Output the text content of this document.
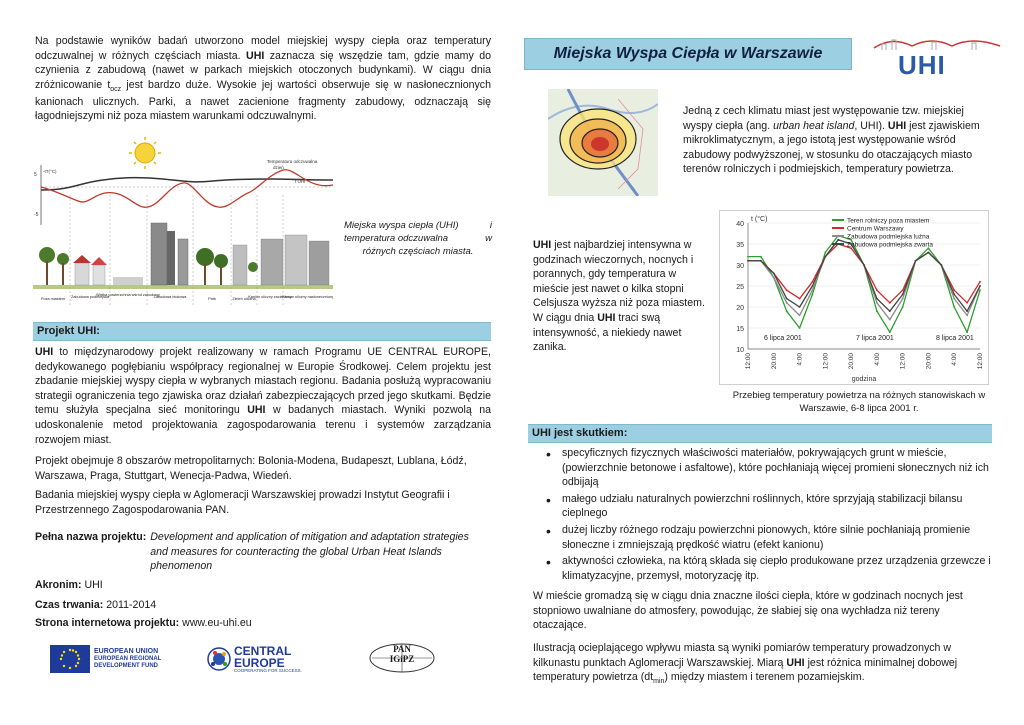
Na podstawie wyników badań utworzono model miejskiej wyspy ciepła oraz temperatury odczuwalnej w różnych częściach miasta. UHI zaznacza się wszędzie tam, gdzie mamy do czynienia z zabudową (nawet w parkach miejskich otoczonych budynkami). W ciągu dnia zróżnicowanie $t_{ocz}$ jest bardzo duże. Wysokie jej wartości obserwuje się w nasłonecznionych kanionach ulicznych. Parki, a nawet zacienione fragmenty zabudowy, odznaczają się łagodniejszymi niż poza miastem warunkami odczuwalnymi.
5
-5
-tT(°C)
Temperatura odczuwalna
dzień
t UHI
Poza miastem Zabudowa podmiejska
Wielka powierzchnia wśród zabudowy
Zabudowa blokowa	Park	Zieleń uliczna
Kanion uliczny zacieniony
Kanion uliczny nasłoneczniony
Miejska wyspa ciepła (UHI)	i
temperatura odczuwalna	w
różnych częściach miasta.
Projekt UHI:
UHI to międzynarodowy projekt realizowany w ramach Programu UE CENTRAL EUROPE, dedykowanego pogłębianiu współpracy regionalnej w Europie Środkowej. Celem projektu jest zbadanie miejskiej wyspy ciepła w wybranych miastach regionu. Badania posłużą wypracowaniu strategii ograniczenia tego zjawiska oraz działań zabezpieczających przed jego skutkami. Będzie temu służyła specjalna sieć monitoringu UHI w badanych miastach. Wyniki pozwolą na udoskonalenie metod projektowania zagospodarowania terenu i systemów zarządzania rozwojem miast.
Projekt obejmuje 8 obszarów metropolitarnych: Bolonia-Modena, Budapeszt, Lublana, Łódź, Warszawa, Praga, Stuttgart, Wenecja-Padwa, Wiedeń.
Badania miejskiej wyspy ciepła w Aglomeracji Warszawskiej prowadzi Instytut Geografii i Przestrzennego Zagospodarowania PAN.
Pełna nazwa projektu: Development and application of mitigation and adaptation strategies and measures for counteracting the global Urban Heat Islands phenomenon
Akronim: UHI
Czas trwania: 2011-2014
Strona internetowa projektu: www.eu-uhi.eu
EUROPEAN UNION
EUROPEAN REGIONAL
DEVELOPMENT FUND
CENTRAL
EUROPE
COOPERATING FOR SUCCESS.
PAN
IGiPZ
Miejska Wyspa Ciepła w Warszawie	UHI
Jedną z cech klimatu miast jest występowanie tzw. miejskiej wyspy ciepła (ang. urban heat island, UHI). UHI jest zjawiskiem mikroklimatycznym, a jego istotą jest występowanie wśród zabudowy podwyższonej, w stosunku do otaczających miasto terenów rolniczych i podmiejskich, temperatury powietrza.
UHI jest najbardziej intensywna w godzinach wieczornych, nocnych i porannych, gdy temperatura w mieście jest nawet o kilka stopni Celsjusza wyższa niż poza miastem. W ciągu dnia UHI traci swą intensywność, a niekiedy nawet zanika.	10
15
20
25
30
35
40
t (°C)
12:00	20:00	4:00	12:00	20:00	4:00	12:00	20:00	4:00	12:00
godzina
6 lipca 2001	7 lipca 2001	8 lipca 2001
Teren rolniczy poza miastem
Centrum Warszawy
Zabudowa podmiejska luźna
Zabudowa podmiejska zwarta
Przebieg temperatury powietrza na różnych stanowiskach w Warszawie, 6-8 lipca 2001 r.
UHI jest skutkiem:
• specyficznych fizycznych właściwości materiałów, pokrywających grunt w mieście, (powierzchnie betonowe i asfaltowe), które pochłaniają więcej promieni słonecznych niż ich odbijają
• małego udziału naturalnych powierzchni roślinnych, które sprzyjają stabilizacji bilansu cieplnego
• dużej liczby różnego rodzaju powierzchni pionowych, które silnie pochłaniają promienie słoneczne i zmniejszają prędkość wiatru (efekt kanionu)
• aktywności człowieka, na którą składa się ciepło produkowane przez urządzenia grzewcze i klimatyzacyjne, przemysł, motoryzację itp.
W mieście gromadzą się w ciągu dnia znaczne ilości ciepła, które w godzinach nocnych jest stopniowo uwalniane do atmosfery, powodując, że słabiej się ona wychładza niż tereny otaczające.
Ilustracją ocieplającego wpływu miasta są wyniki pomiarów temperatury prowadzonych w kilkunastu punktach Aglomeracji Warszawskiej. Miarą UHI jest różnica minimalnej dobowej temperatury powietrza $(dt_{min})$ między miastem i terenem pozamiejskim.
